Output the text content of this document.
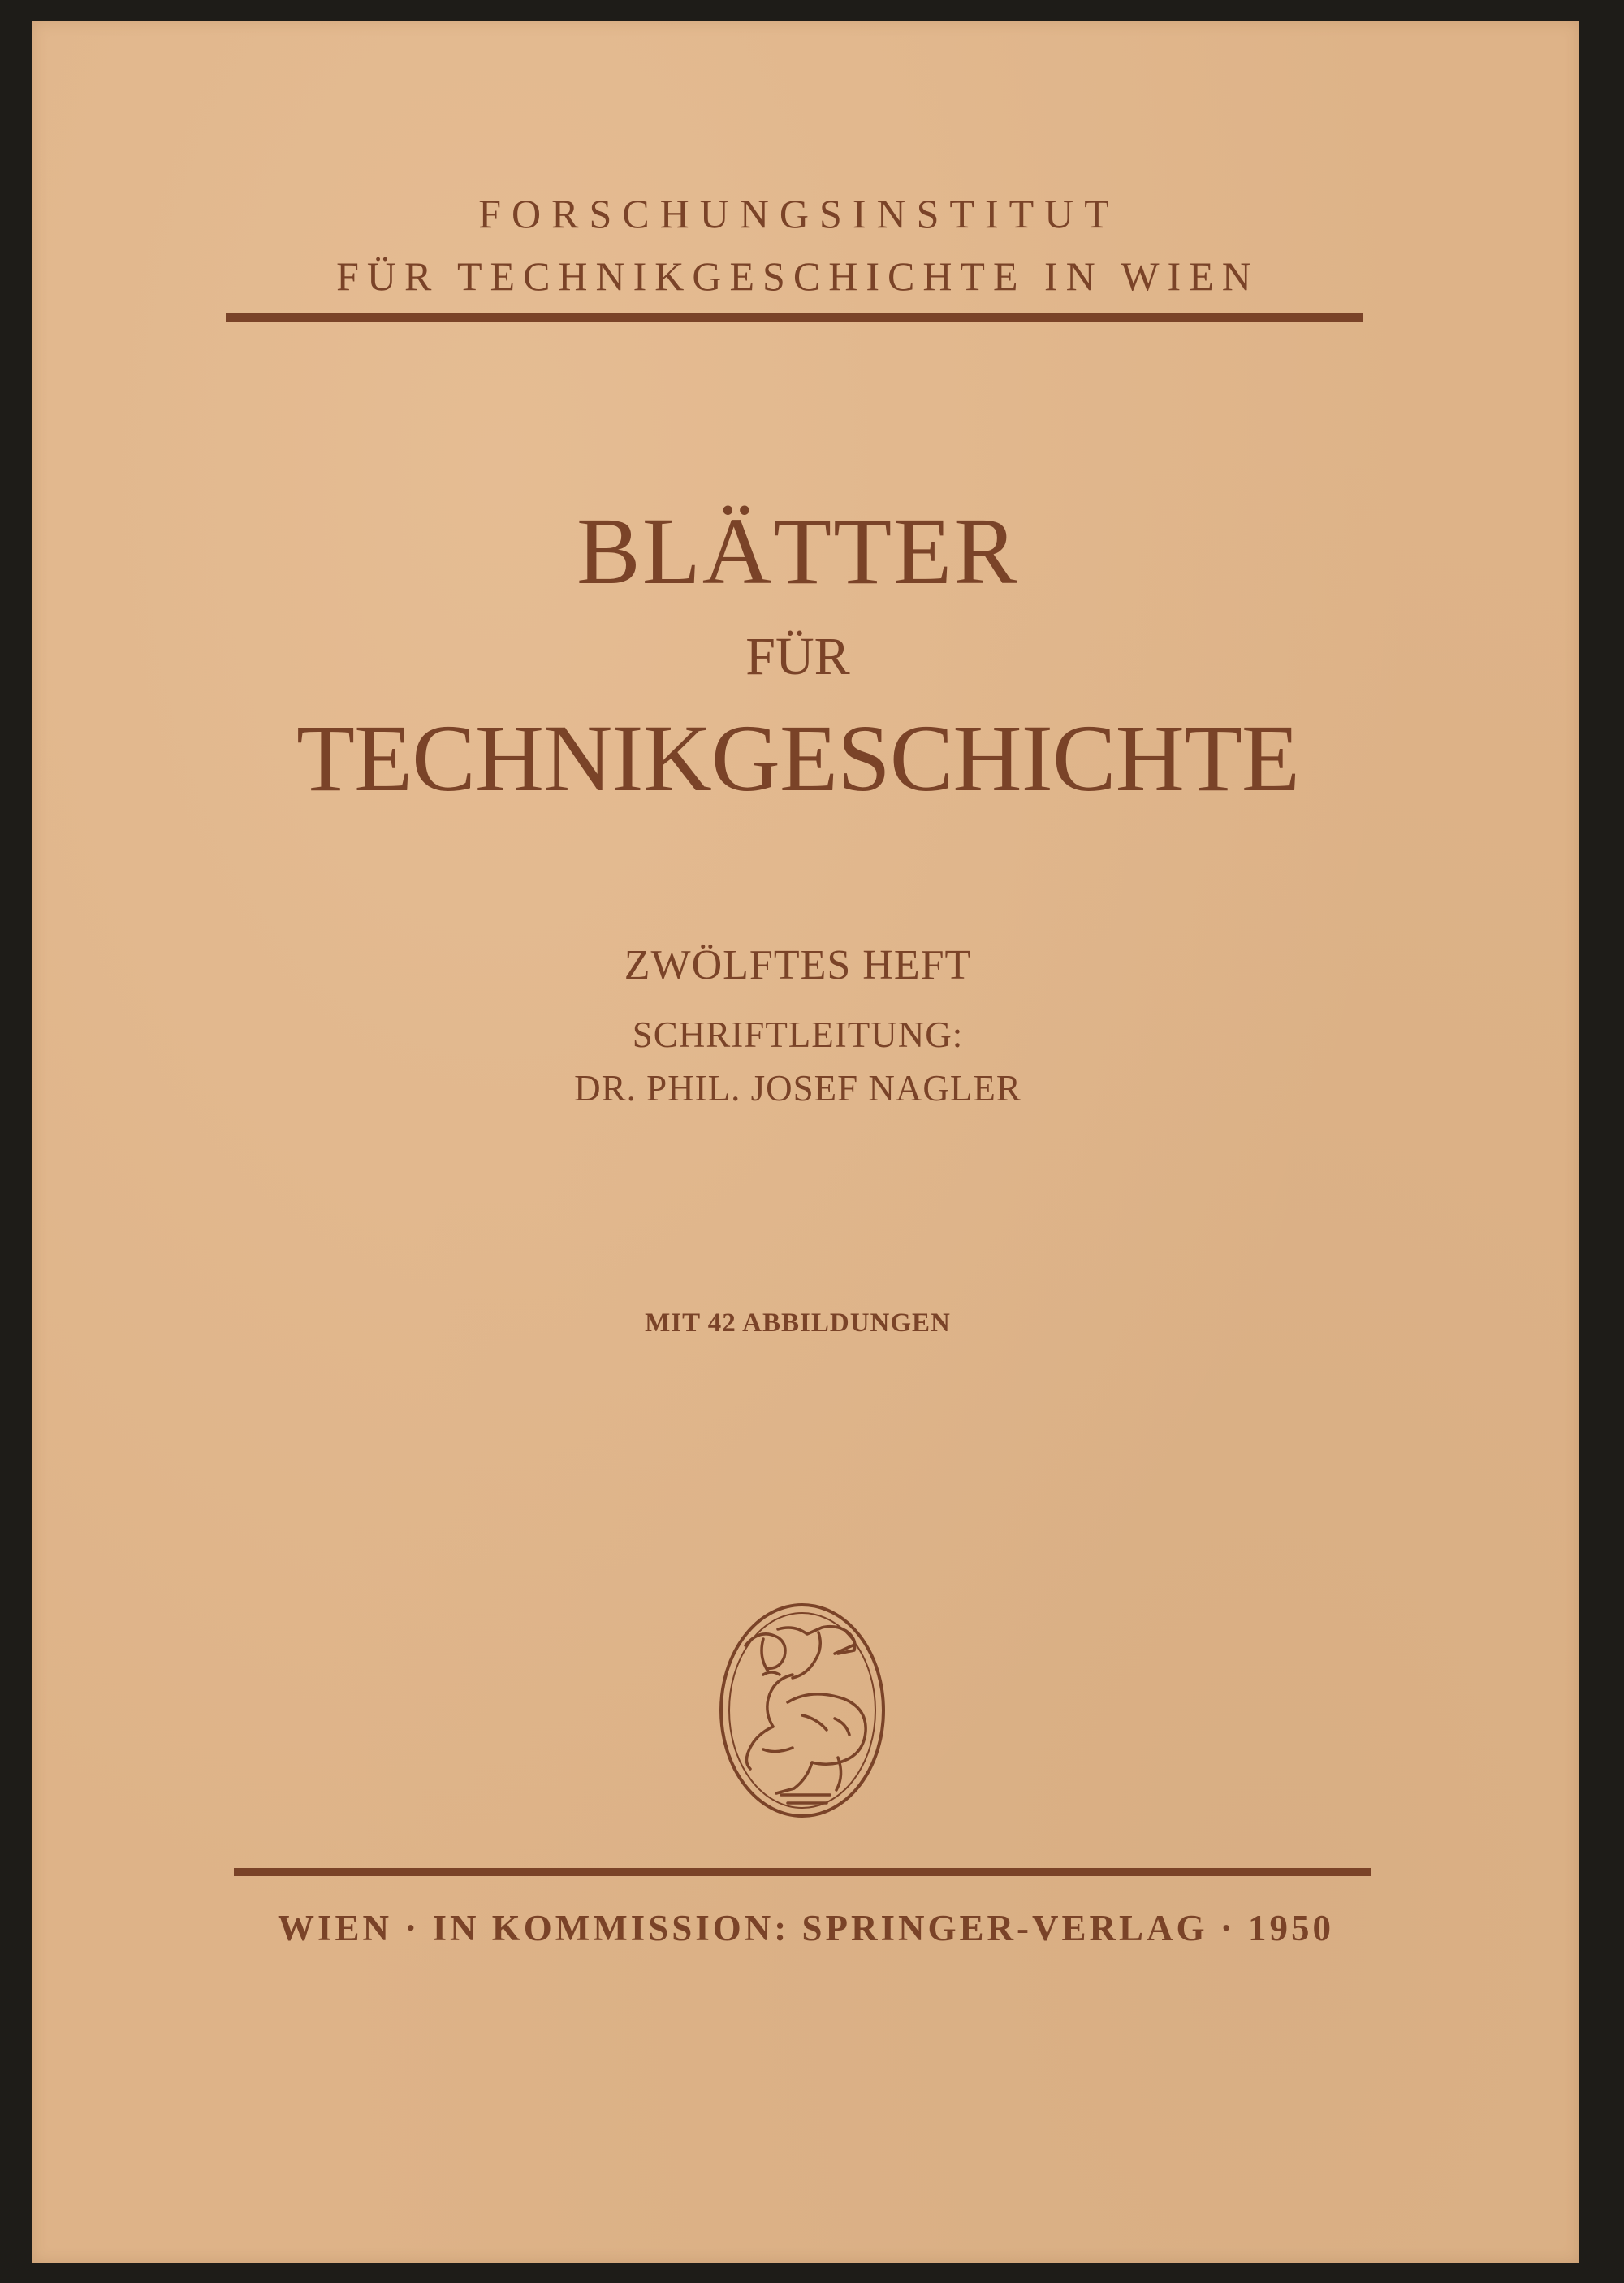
FORSCHUNGSINSTITUT

FÜR TECHNIKGESCHICHTE IN WIEN

BLÄTTER

FÜR

TECHNIKGESCHICHTE

ZWÖLFTES HEFT

SCHRIFTLEITUNG:

DR. PHIL. JOSEF NAGLER

MIT 42 ABBILDUNGEN

WIEN · IN KOMMISSION: SPRINGER-VERLAG · 1950
